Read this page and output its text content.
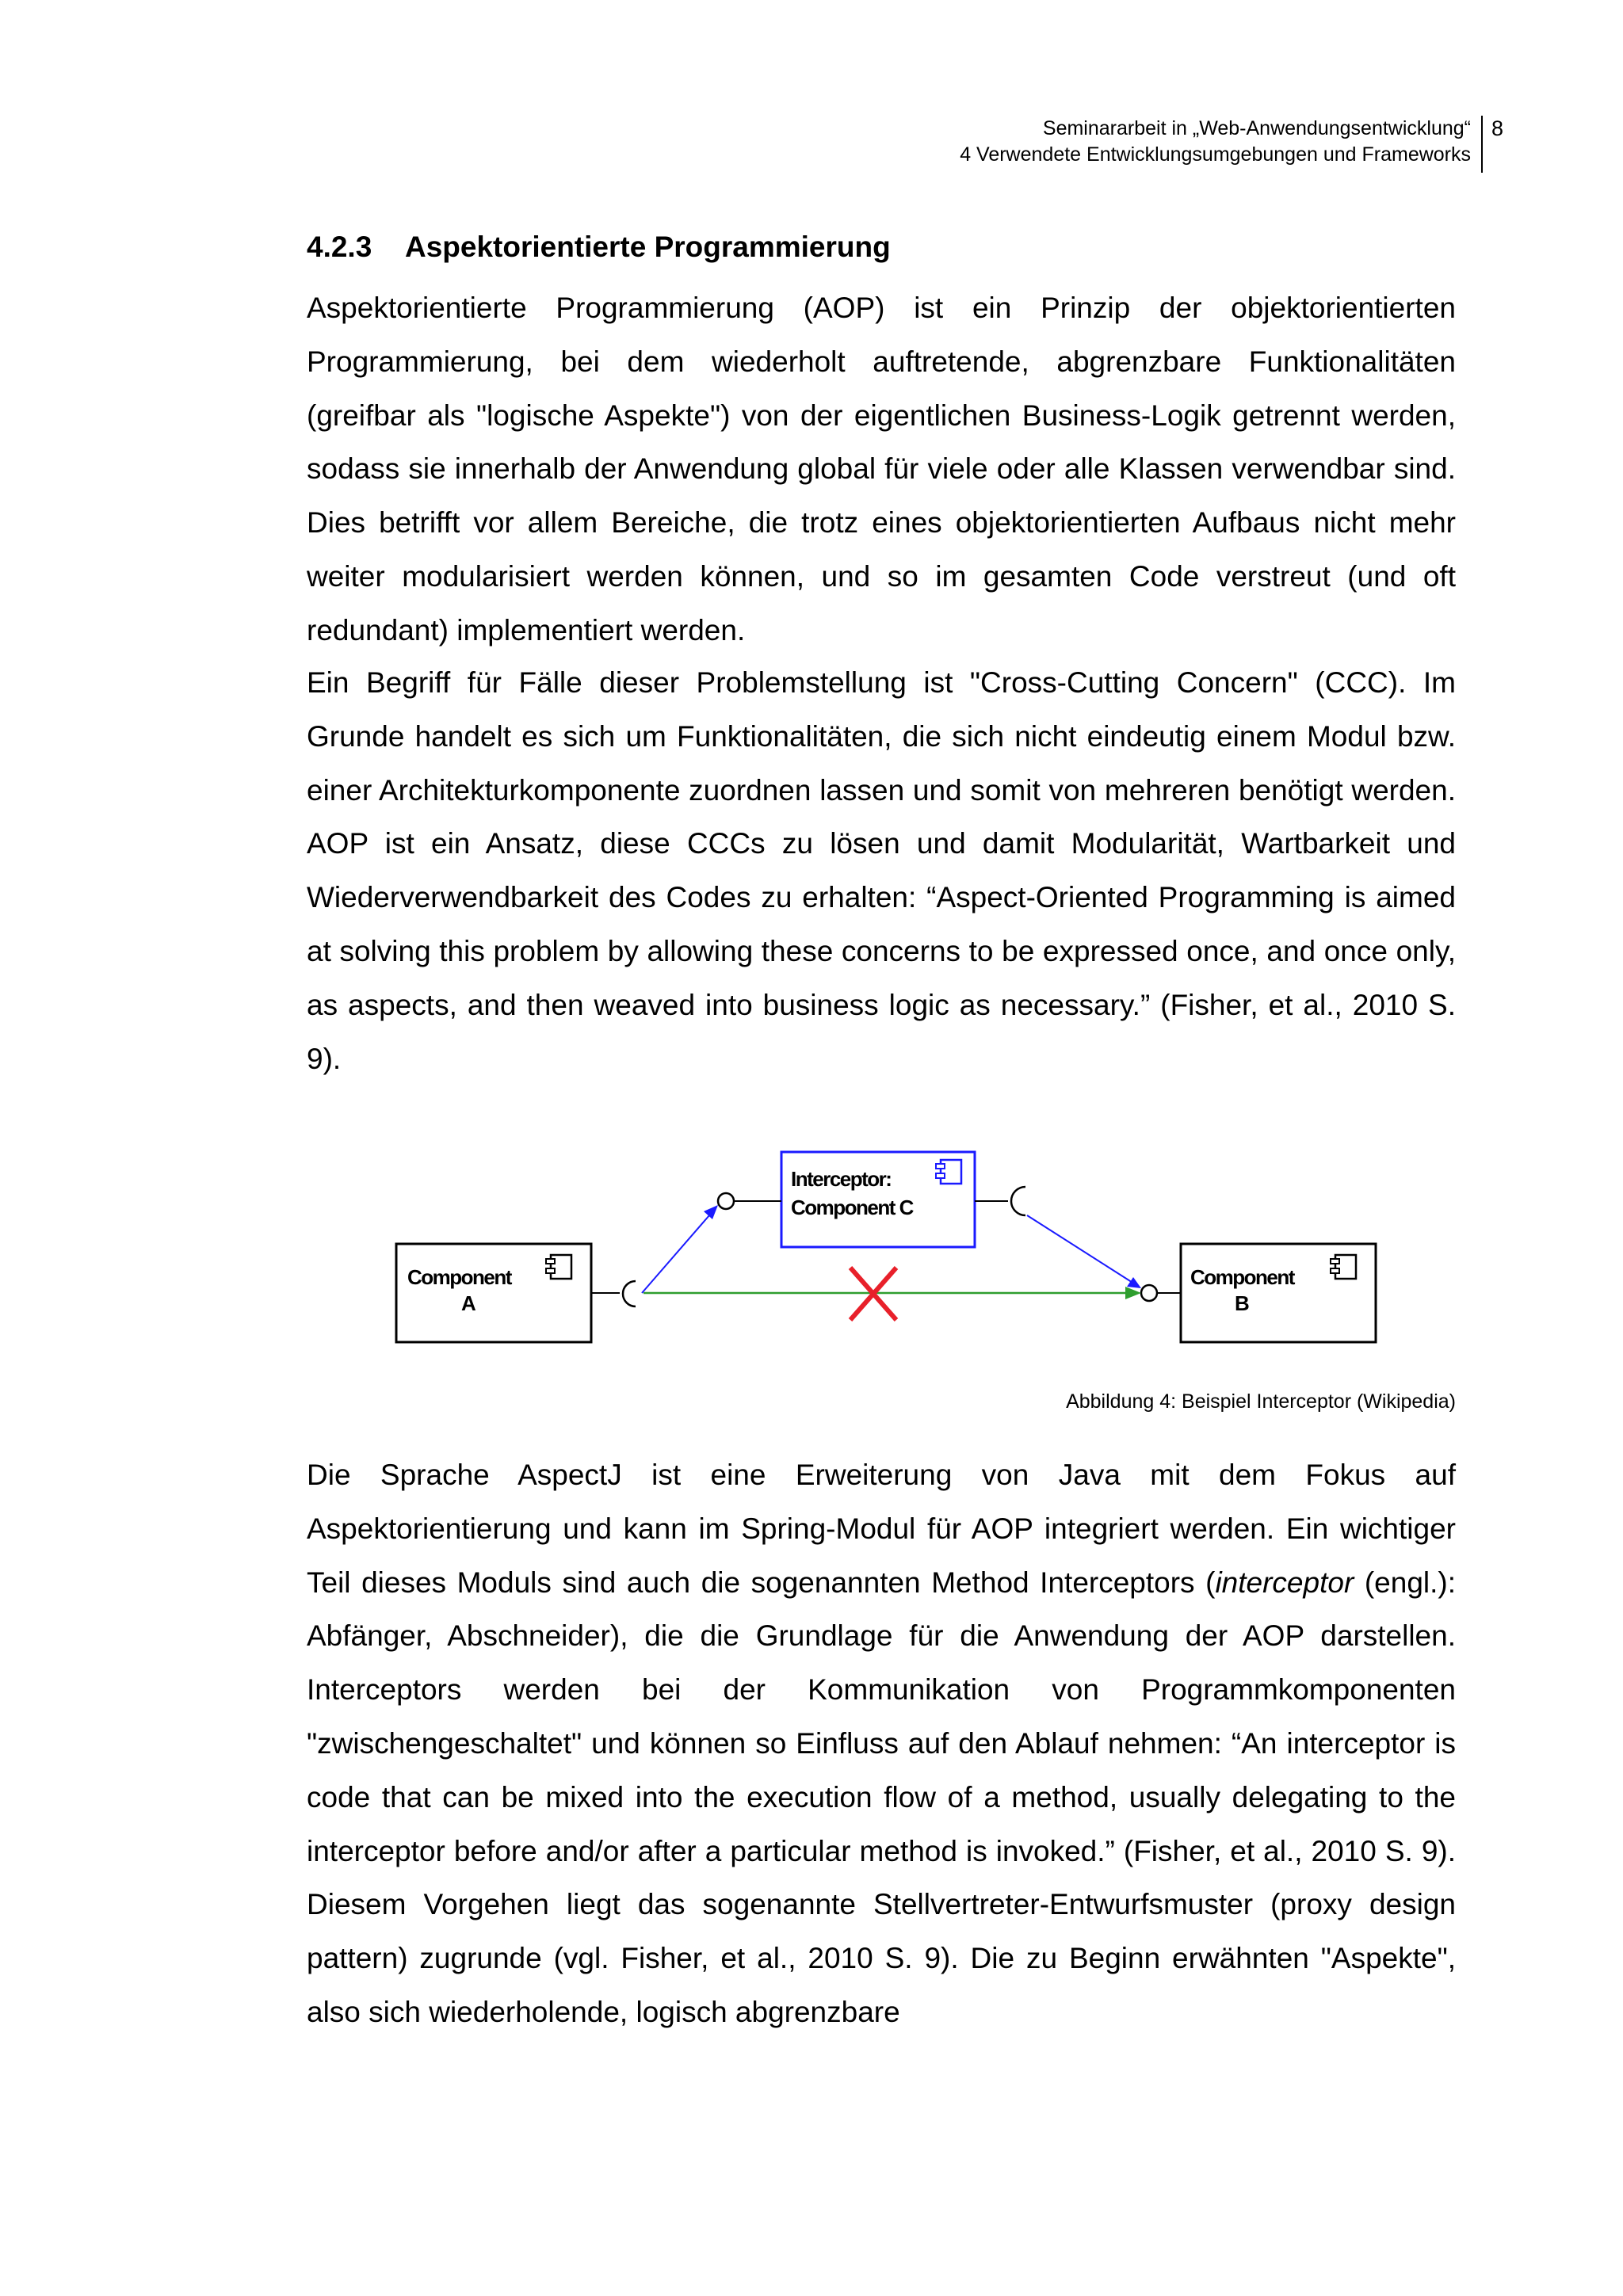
Seminararbeit in „Web-Anwendungsentwicklung“
4 Verwendete Entwicklungsumgebungen und Frameworks
8
4.2.3 Aspektorientierte Programmierung

Aspektorientierte Programmierung (AOP) ist ein Prinzip der objektorientierten Programmierung, bei dem wiederholt auftretende, abgrenzbare Funktionalitäten (greifbar als "logische Aspekte") von der eigentlichen Business-Logik getrennt werden, sodass sie innerhalb der Anwendung global für viele oder alle Klassen verwendbar sind. Dies betrifft vor allem Bereiche, die trotz eines objektorientierten Aufbaus nicht mehr weiter modularisiert werden können, und so im gesamten Code verstreut (und oft redundant) implementiert werden.

Ein Begriff für Fälle dieser Problemstellung ist "Cross-Cutting Concern" (CCC). Im Grunde handelt es sich um Funktionalitäten, die sich nicht eindeutig einem Modul bzw. einer Architekturkomponente zuordnen lassen und somit von mehreren benötigt werden. AOP ist ein Ansatz, diese CCCs zu lösen und damit Modularität, Wartbarkeit und Wiederverwendbarkeit des Codes zu erhalten: “Aspect-Oriented Programming is aimed at solving this problem by allowing these concerns to be expressed once, and once only, as aspects, and then weaved into business logic as necessary.” (Fisher, et al., 2010 S. 9).

Component
A
Component
B
Interceptor:
Component C
Abbildung 4: Beispiel Interceptor (Wikipedia)

Die Sprache AspectJ ist eine Erweiterung von Java mit dem Fokus auf Aspektorientierung und kann im Spring-Modul für AOP integriert werden. Ein wichtiger Teil dieses Moduls sind auch die sogenannten Method Interceptors (interceptor (engl.): Abfänger, Abschneider), die die Grundlage für die Anwendung der AOP darstellen. Interceptors werden bei der Kommunikation von Programmkomponenten "zwischengeschaltet" und können so Einfluss auf den Ablauf nehmen: “An interceptor is code that can be mixed into the execution flow of a method, usually delegating to the interceptor before and/or after a particular method is invoked.” (Fisher, et al., 2010 S. 9). Diesem Vorgehen liegt das sogenannte Stellvertreter-Entwurfsmuster (proxy design pattern) zugrunde (vgl. Fisher, et al., 2010 S. 9). Die zu Beginn erwähnten "Aspekte", also sich wiederholende, logisch abgrenzbare
